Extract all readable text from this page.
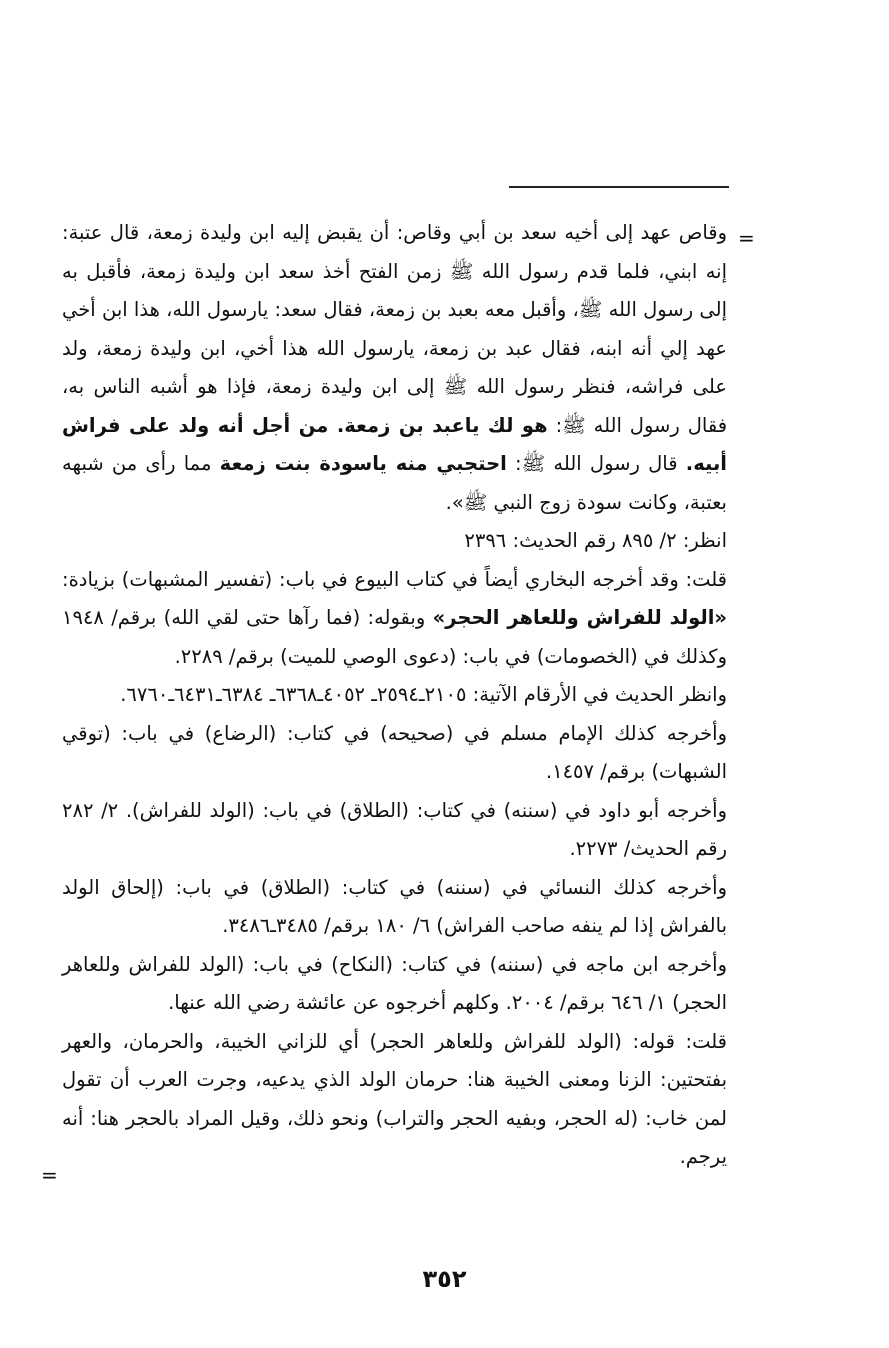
=

وقاص عهد إلى أخيه سعد بن أبي وقاص: أن يقبض إليه ابن وليدة زمعة، قال عتبة: إنه ابني، فلما قدم رسول الله ﷺ زمن الفتح أخذ سعد ابن وليدة زمعة، فأقبل به إلى رسول الله ﷺ، وأقبل معه بعبد بن زمعة، فقال سعد: يارسول الله، هذا ابن أخي عهد إلي أنه ابنه، فقال عبد بن زمعة، يارسول الله هذا أخي، ابن وليدة زمعة، ولد على فراشه، فنظر رسول الله ﷺ إلى ابن وليدة زمعة، فإذا هو أشبه الناس به، فقال رسول الله ﷺ: هو لك ياعبد بن زمعة. من أجل أنه ولد على فراش أبيه. قال رسول الله ﷺ: احتجبي منه ياسودة بنت زمعة مما رأى من شبهه بعتبة، وكانت سودة زوج النبي ﷺ».

انظر: ٢/ ٨٩٥ رقم الحديث: ٢٣٩٦

قلت: وقد أخرجه البخاري أيضاً في كتاب البيوع في باب: (تفسير المشبهات) بزيادة: «الولد للفراش وللعاهر الحجر» وبقوله: (فما رآها حتى لقي الله) برقم/ ١٩٤٨ وكذلك في (الخصومات) في باب: (دعوى الوصي للميت) برقم/ ٢٢٨٩.

وانظر الحديث في الأرقام الآتية: ٢١٠٥ـ٢٥٩٤ـ ٤٠٥٢ـ٦٣٦٨ـ ٦٣٨٤ـ٦٤٣١ـ٦٧٦٠.

وأخرجه كذلك الإمام مسلم في (صحيحه) في كتاب: (الرضاع) في باب: (توقي الشبهات) برقم/ ١٤٥٧.

وأخرجه أبو داود في (سننه) في كتاب: (الطلاق) في باب: (الولد للفراش). ٢/ ٢٨٢ رقم الحديث/ ٢٢٧٣.

وأخرجه كذلك النسائي في (سننه) في كتاب: (الطلاق) في باب: (إلحاق الولد بالفراش إذا لم ينفه صاحب الفراش) ٦/ ١٨٠ برقم/ ٣٤٨٥ـ٣٤٨٦.

وأخرجه ابن ماجه في (سننه) في كتاب: (النكاح) في باب: (الولد للفراش وللعاهر الحجر) ١/ ٦٤٦ برقم/ ٢٠٠٤. وكلهم أخرجوه عن عائشة رضي الله عنها.

قلت: قوله: (الولد للفراش وللعاهر الحجر) أي للزاني الخيبة، والحرمان، والعهر بفتحتين: الزنا ومعنى الخيبة هنا: حرمان الولد الذي يدعيه، وجرت العرب أن تقول لمن خاب: (له الحجر، وبفيه الحجر والتراب) ونحو ذلك، وقيل المراد بالحجر هنا: أنه يرجم.

=
٣٥٢
